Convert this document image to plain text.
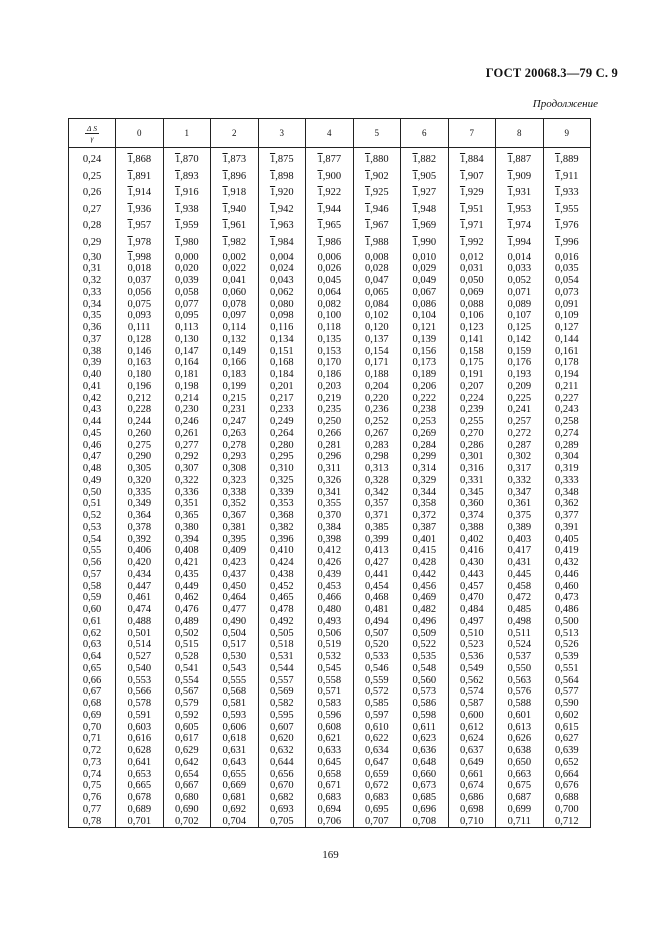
ГОСТ 20068.3—79 С. 9
Продолжение
$\frac{\text{Δ S}}{\gamma}$	0	1	2	3	4	5	6	7	8	9
0,24	1,868	1,870	1,873	1,875	1,877	1,880	1,882	1,884	1,887	1,889
0,25	1,891	1,893	1,896	1,898	1,900	1,902	1,905	1,907	1,909	1,911
0,26	1,914	1,916	1,918	1,920	1,922	1,925	1,927	1,929	1,931	1,933
0,27	1,936	1,938	1,940	1,942	1,944	1,946	1,948	1,951	1,953	1,955
0,28	1,957	1,959	1,961	1,963	1,965	1,967	1,969	1,971	1,974	1,976
0,29	1,978	1,980	1,982	1,984	1,986	1,988	1,990	1,992	1,994	1,996
0,30	1,998	0,000	0,002	0,004	0,006	0,008	0,010	0,012	0,014	0,016
0,31	0,018	0,020	0,022	0,024	0,026	0,028	0,029	0,031	0,033	0,035
0,32	0,037	0,039	0,041	0,043	0,045	0,047	0,049	0,050	0,052	0,054
0,33	0,056	0,058	0,060	0,062	0,064	0,065	0,067	0,069	0,071	0,073
0,34	0,075	0,077	0,078	0,080	0,082	0,084	0,086	0,088	0,089	0,091
0,35	0,093	0,095	0,097	0,098	0,100	0,102	0,104	0,106	0,107	0,109
0,36	0,111	0,113	0,114	0,116	0,118	0,120	0,121	0,123	0,125	0,127
0,37	0,128	0,130	0,132	0,134	0,135	0,137	0,139	0,141	0,142	0,144
0,38	0,146	0,147	0,149	0,151	0,153	0,154	0,156	0,158	0,159	0,161
0,39	0,163	0,164	0,166	0,168	0,170	0,171	0,173	0,175	0,176	0,178
0,40	0,180	0,181	0,183	0,184	0,186	0,188	0,189	0,191	0,193	0,194
0,41	0,196	0,198	0,199	0,201	0,203	0,204	0,206	0,207	0,209	0,211
0,42	0,212	0,214	0,215	0,217	0,219	0,220	0,222	0,224	0,225	0,227
0,43	0,228	0,230	0,231	0,233	0,235	0,236	0,238	0,239	0,241	0,243
0,44	0,244	0,246	0,247	0,249	0,250	0,252	0,253	0,255	0,257	0,258
0,45	0,260	0,261	0,263	0,264	0,266	0,267	0,269	0,270	0,272	0,274
0,46	0,275	0,277	0,278	0,280	0,281	0,283	0,284	0,286	0,287	0,289
0,47	0,290	0,292	0,293	0,295	0,296	0,298	0,299	0,301	0,302	0,304
0,48	0,305	0,307	0,308	0,310	0,311	0,313	0,314	0,316	0,317	0,319
0,49	0,320	0,322	0,323	0,325	0,326	0,328	0,329	0,331	0,332	0,333
0,50	0,335	0,336	0,338	0,339	0,341	0,342	0,344	0,345	0,347	0,348
0,51	0,349	0,351	0,352	0,353	0,355	0,357	0,358	0,360	0,361	0,362
0,52	0,364	0,365	0,367	0,368	0,370	0,371	0,372	0,374	0,375	0,377
0,53	0,378	0,380	0,381	0,382	0,384	0,385	0,387	0,388	0,389	0,391
0,54	0,392	0,394	0,395	0,396	0,398	0,399	0,401	0,402	0,403	0,405
0,55	0,406	0,408	0,409	0,410	0,412	0,413	0,415	0,416	0,417	0,419
0,56	0,420	0,421	0,423	0,424	0,426	0,427	0,428	0,430	0,431	0,432
0,57	0,434	0,435	0,437	0,438	0,439	0,441	0,442	0,443	0,445	0,446
0,58	0,447	0,449	0,450	0,452	0,453	0,454	0,456	0,457	0,458	0,460
0,59	0,461	0,462	0,464	0,465	0,466	0,468	0,469	0,470	0,472	0,473
0,60	0,474	0,476	0,477	0,478	0,480	0,481	0,482	0,484	0,485	0,486
0,61	0,488	0,489	0,490	0,492	0,493	0,494	0,496	0,497	0,498	0,500
0,62	0,501	0,502	0,504	0,505	0,506	0,507	0,509	0,510	0,511	0,513
0,63	0,514	0,515	0,517	0,518	0,519	0,520	0,522	0,523	0,524	0,526
0,64	0,527	0,528	0,530	0,531	0,532	0,533	0,535	0,536	0,537	0,539
0,65	0,540	0,541	0,543	0,544	0,545	0,546	0,548	0,549	0,550	0,551
0,66	0,553	0,554	0,555	0,557	0,558	0,559	0,560	0,562	0,563	0,564
0,67	0,566	0,567	0,568	0,569	0,571	0,572	0,573	0,574	0,576	0,577
0,68	0,578	0,579	0,581	0,582	0,583	0,585	0,586	0,587	0,588	0,590
0,69	0,591	0,592	0,593	0,595	0,596	0,597	0,598	0,600	0,601	0,602
0,70	0,603	0,605	0,606	0,607	0,608	0,610	0,611	0,612	0,613	0,615
0,71	0,616	0,617	0,618	0,620	0,621	0,622	0,623	0,624	0,626	0,627
0,72	0,628	0,629	0,631	0,632	0,633	0,634	0,636	0,637	0,638	0,639
0,73	0,641	0,642	0,643	0,644	0,645	0,647	0,648	0,649	0,650	0,652
0,74	0,653	0,654	0,655	0,656	0,658	0,659	0,660	0,661	0,663	0,664
0,75	0,665	0,667	0,669	0,670	0,671	0,672	0,673	0,674	0,675	0,676
0,76	0,678	0,680	0,681	0,682	0,683	0,683	0,685	0,686	0,687	0,688
0,77	0,689	0,690	0,692	0,693	0,694	0,695	0,696	0,698	0,699	0,700
0,78	0,701	0,702	0,704	0,705	0,706	0,707	0,708	0,710	0,711	0,712
169
